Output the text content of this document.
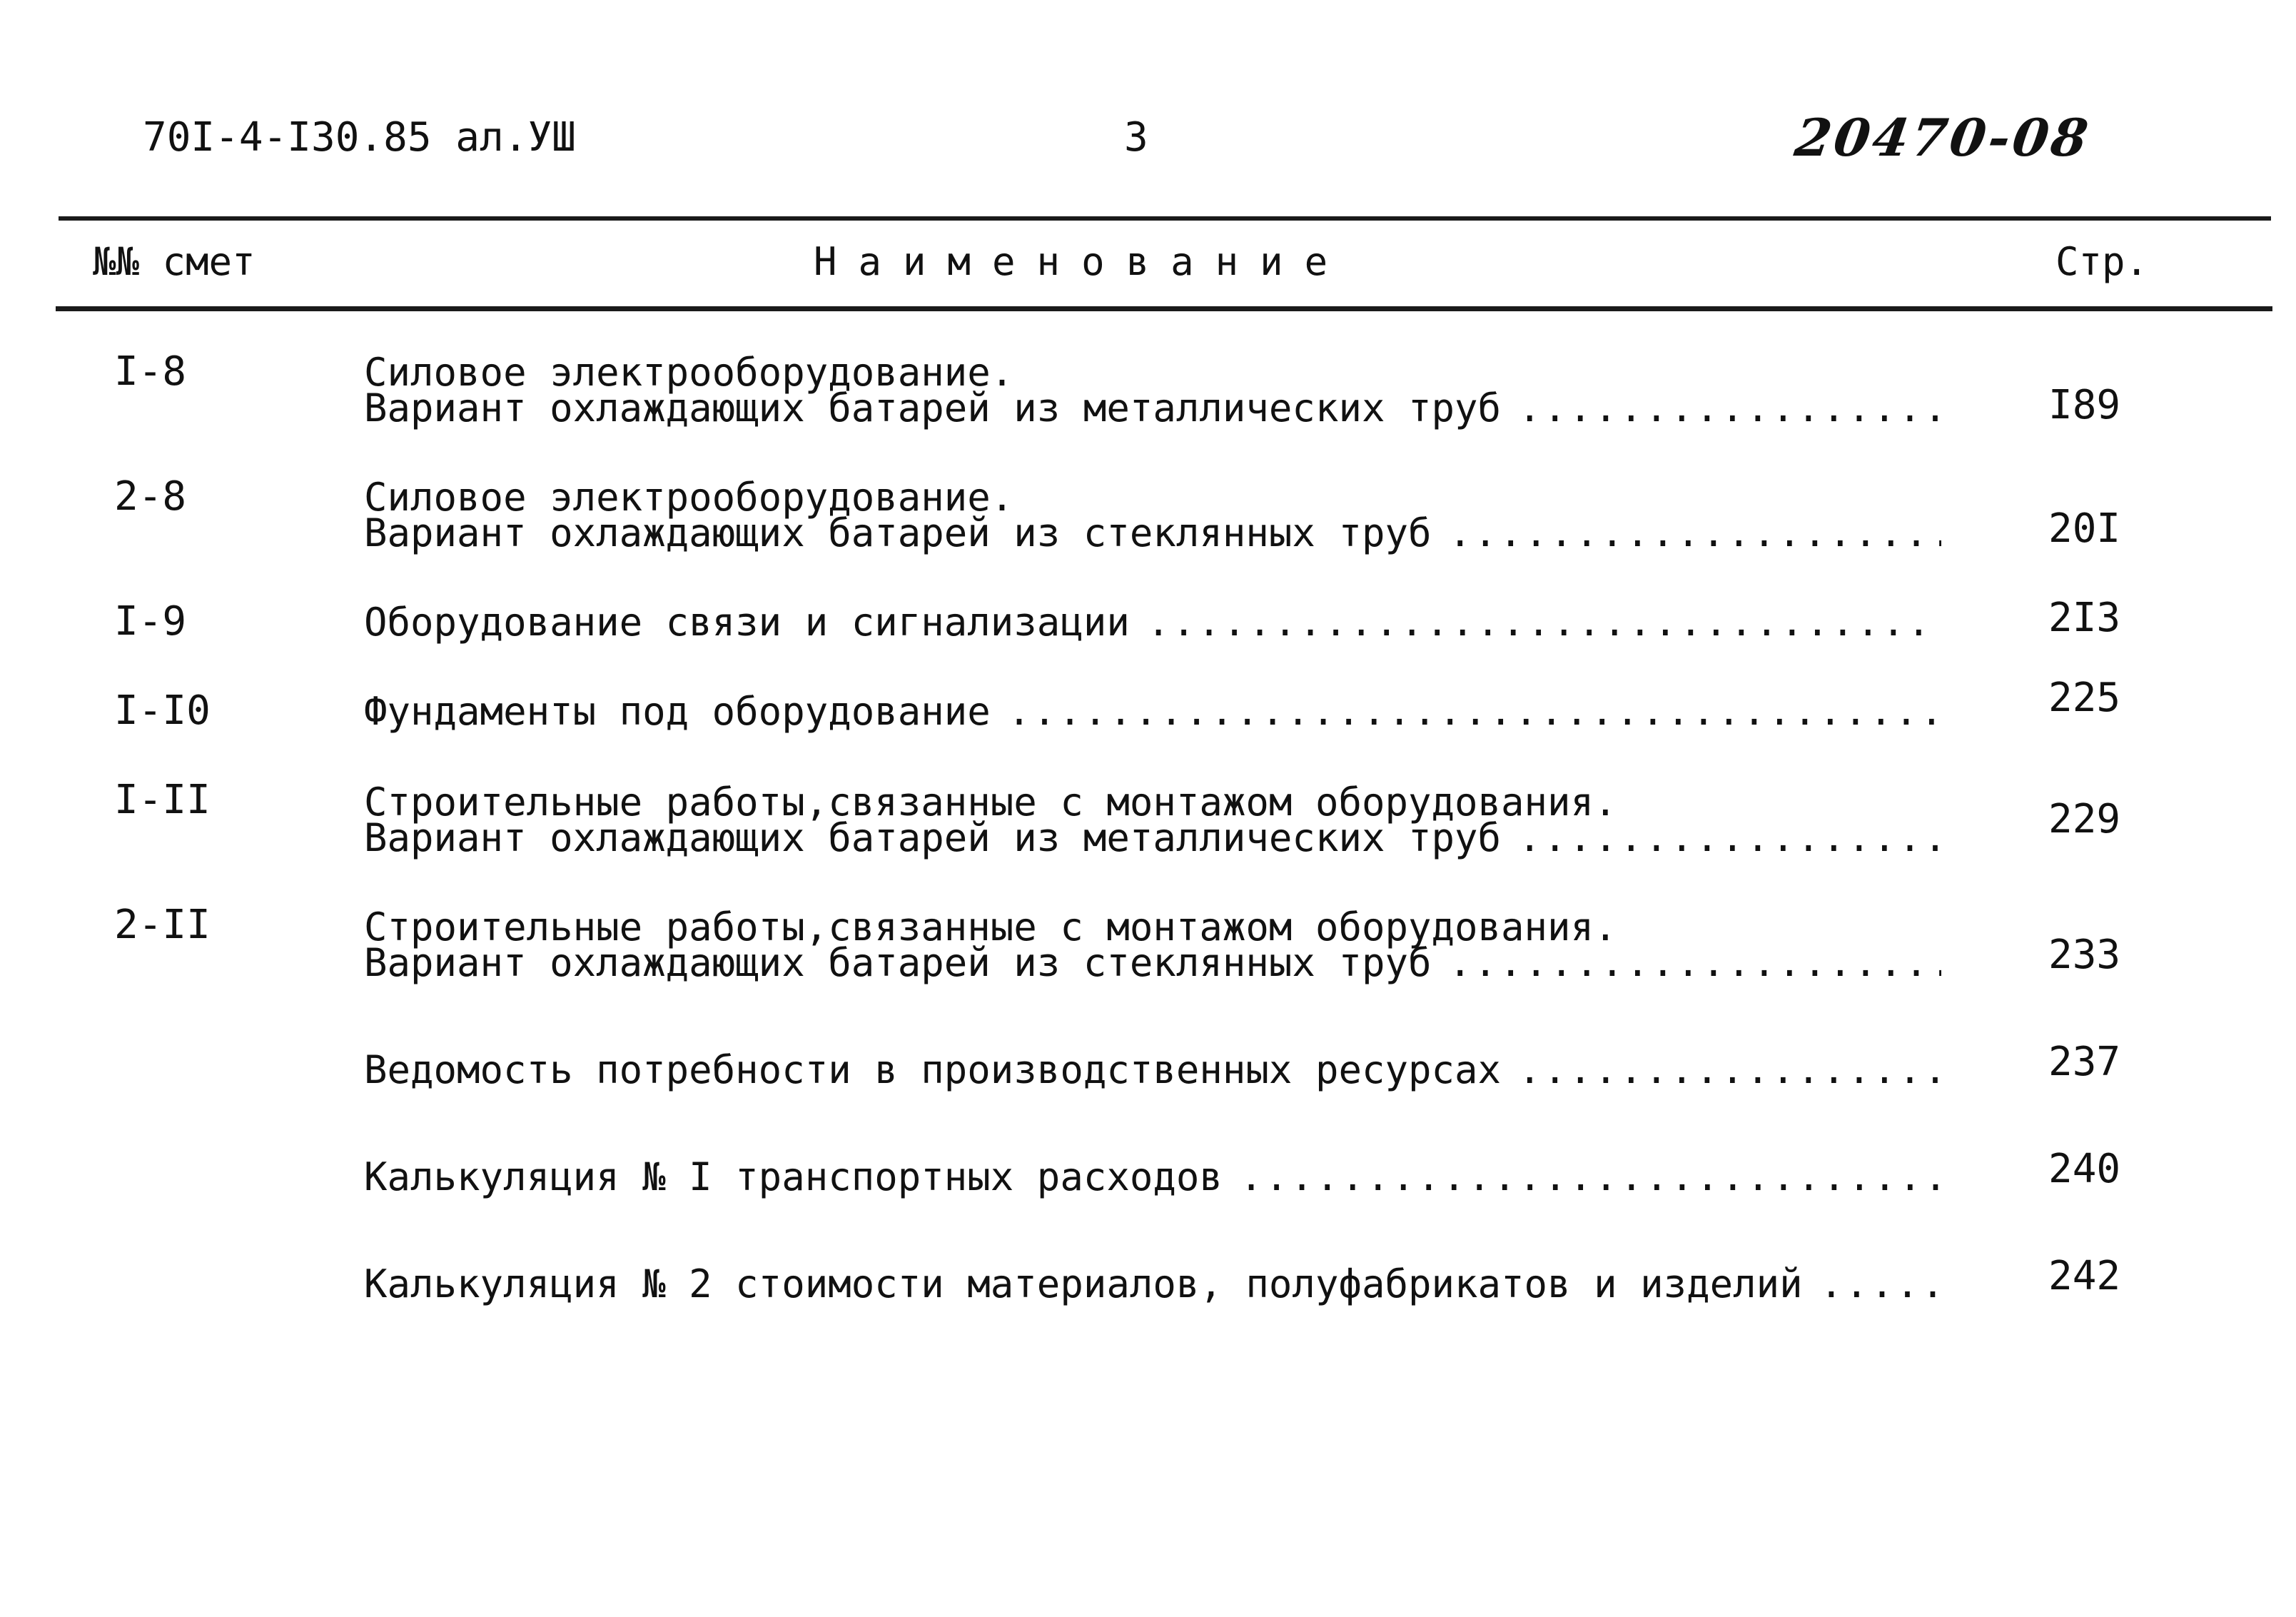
70I-4-I30.85 ал.УШ	3	20470-08
№№ смет	Наименование	Стр.
I-8	Силовое электрооборудование.
Вариант охлаждающих батарей из металлических труб .....	I89
2-8	Силовое электрооборудование.
Вариант охлаждающих батарей из стеклянных труб .....	20I
I-9	Оборудование связи и сигнализации .....	2I3
I-I0	Фундаменты под оборудование .....	225
I-II	Строительные работы,связанные с монтажом оборудования.
Вариант охлаждающих батарей из металлических труб .....	229
2-II	Строительные работы,связанные с монтажом оборудования.
Вариант охлаждающих батарей из стеклянных труб .....	233
Ведомость потребности в производственных ресурсах .....	237
Калькуляция № I транспортных расходов .....	240
Калькуляция № 2 стоимости материалов, полуфабрикатов и изделий .....	242
